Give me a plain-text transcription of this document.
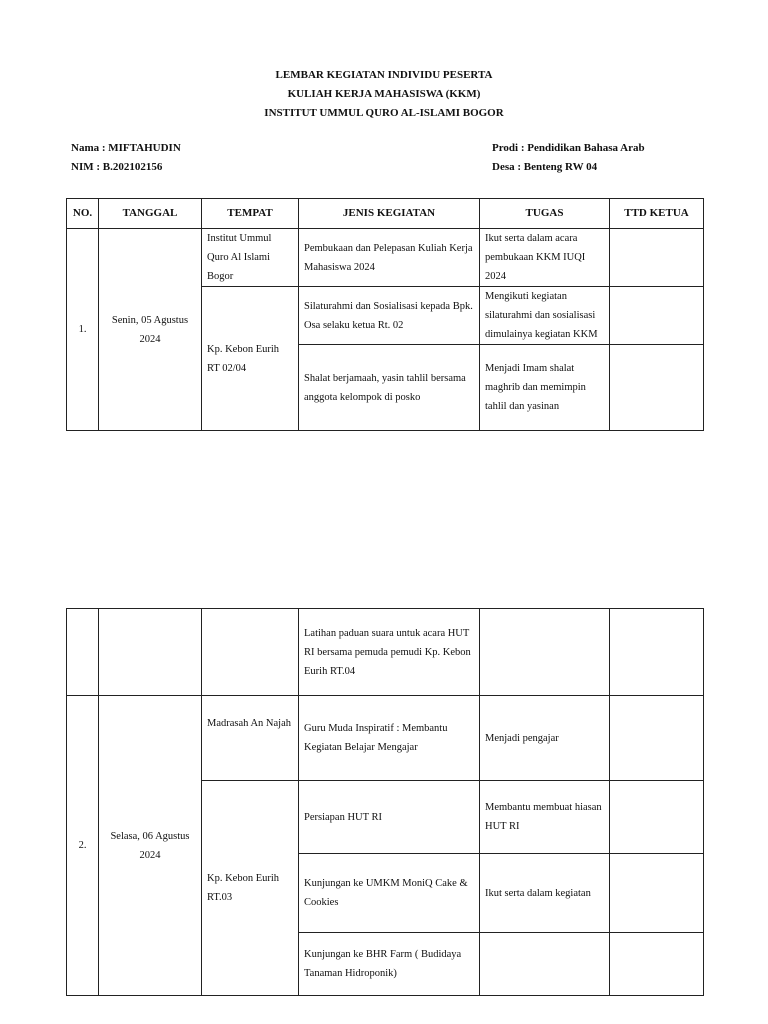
LEMBAR KEGIATAN INDIVIDU PESERTA
KULIAH KERJA MAHASISWA (KKM)
INSTITUT UMMUL QURO AL-ISLAMI BOGOR
Nama : MIFTAHUDIN
NIM : B.202102156
Prodi : Pendidikan Bahasa Arab
Desa : Benteng RW 04
NO.	TANGGAL	TEMPAT	JENIS KEGIATAN	TUGAS	TTD KETUA
1.	Senin, 05 Agustus 2024	Institut Ummul Quro Al Islami Bogor	Pembukaan dan Pelepasan Kuliah Kerja Mahasiswa 2024	Ikut serta dalam acara pembukaan KKM IUQI 2024	
		Kp. Kebon Eurih RT 02/04	Silaturahmi dan Sosialisasi kepada Bpk. Osa selaku ketua Rt. 02	Mengikuti kegiatan silaturahmi dan sosialisasi dimulainya kegiatan KKM	
			Shalat berjamaah, yasin tahlil bersama anggota kelompok di posko	Menjadi Imam shalat maghrib dan memimpin tahlil dan yasinan	
			Latihan paduan suara untuk acara HUT RI bersama pemuda pemudi Kp. Kebon Eurih RT.04		
2.	Selasa, 06 Agustus 2024	Madrasah An Najah	Guru Muda Inspiratif : Membantu Kegiatan Belajar Mengajar	Menjadi pengajar	
		Kp. Kebon Eurih RT.03	Persiapan HUT RI	Membantu membuat hiasan HUT RI	
			Kunjungan ke UMKM MoniQ Cake & Cookies	Ikut serta dalam kegiatan	
			Kunjungan ke BHR Farm ( Budidaya Tanaman Hidroponik)		
